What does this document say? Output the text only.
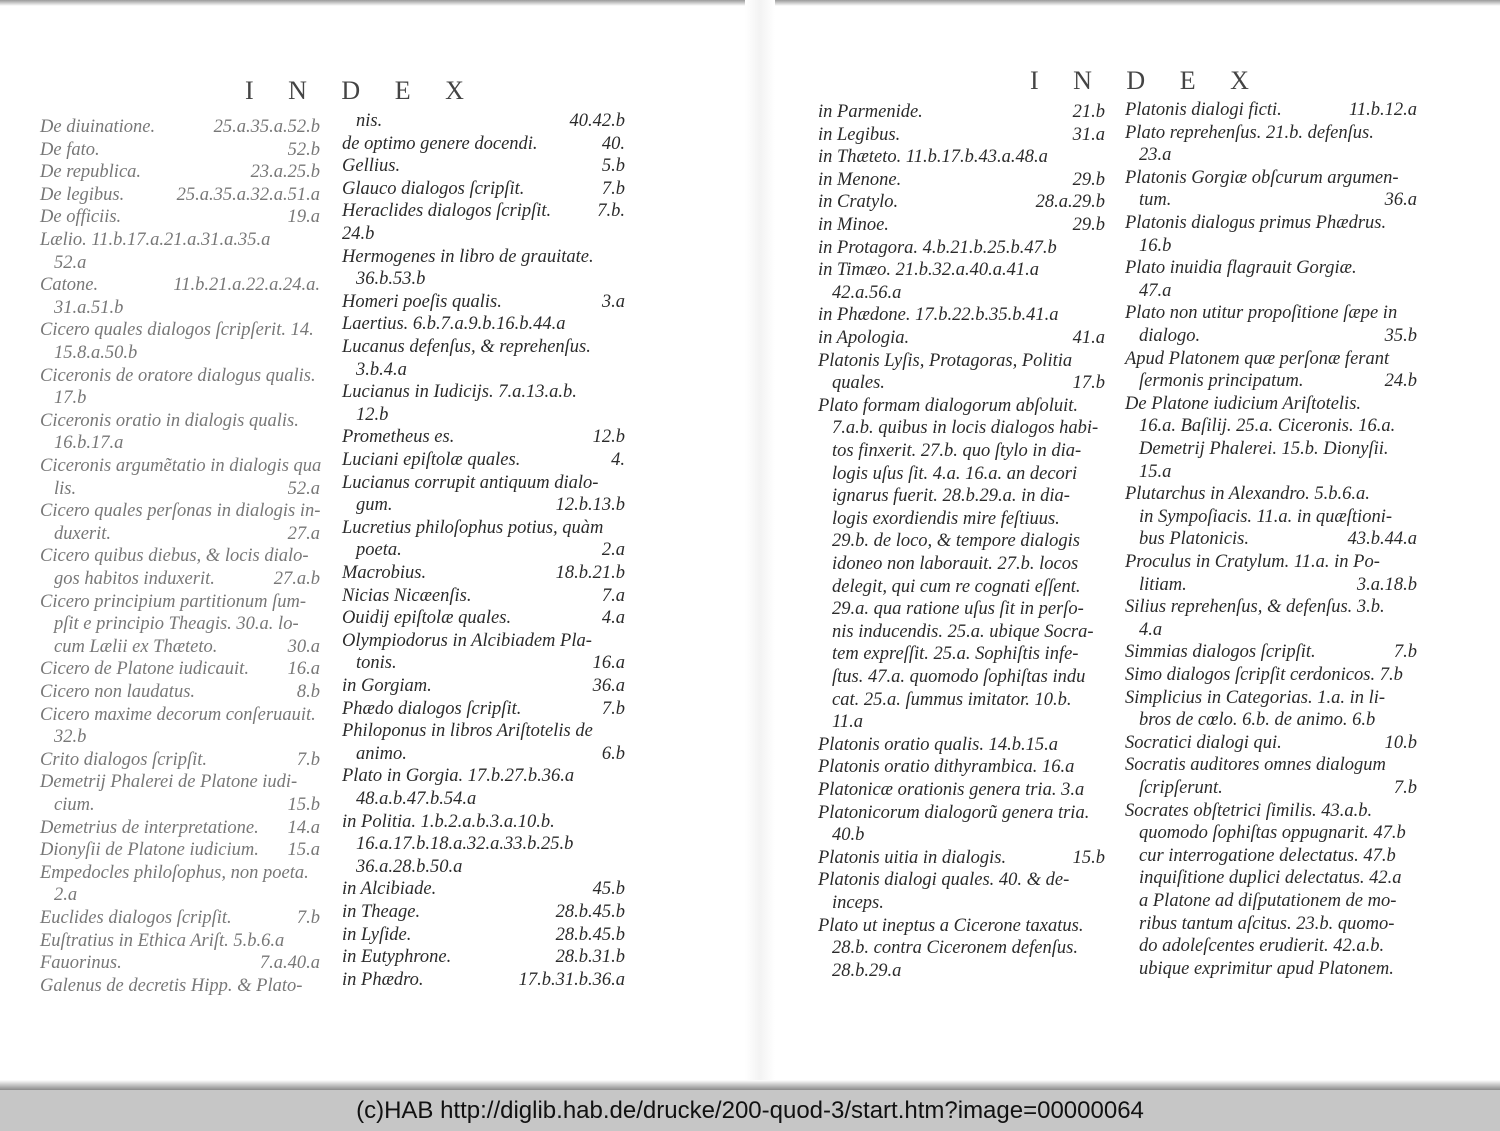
I N D E X	I N D E X
De diuinatione.	25.a.35.a.52.b
De fato.	52.b
De republica.	23.a.25.b
De legibus.	25.a.35.a.32.a.51.a
De officiis.	19.a
Lælio. 11.b.17.a.21.a.31.a.35.a
52.a
Catone.	11.b.21.a.22.a.24.a.
31.a.51.b
Cicero quales dialogos ſcripſerit. 14.
15.8.a.50.b
Ciceronis de oratore dialogus qualis.
17.b
Ciceronis oratio in dialogis qualis.
16.b.17.a
Ciceronis argumẽtatio in dialogis qua
lis.	52.a
Cicero quales perſonas in dialogis in-
duxerit.	27.a
Cicero quibus diebus, & locis dialo-
gos habitos induxerit.	27.a.b
Cicero principium partitionum ſum-
pſit e principio Theagis. 30.a. lo-
cum Lælii ex Thæteto.	30.a
Cicero de Platone iudicauit. 16.a
Cicero non laudatus.	8.b
Cicero maxime decorum conſeruauit.
32.b
Crito dialogos ſcripſit.	7.b
Demetrij Phalerei de Platone iudi-
cium.	15.b
Demetrius de interpretatione. 14.a
Dionyſii de Platone iudicium. 15.a
Empedocles philoſophus, non poeta.
2.a
Euclides dialogos ſcripſit.	7.b
Euſtratius in Ethica Ariſt. 5.b.6.a
Fauorinus.	7.a.40.a
Galenus de decretis Hipp. & Plato-
nis.	40.42.b
de optimo genere docendi.	40.
Gellius.	5.b
Glauco dialogos ſcripſit.	7.b
Heraclides dialogos ſcripſit. 7.b.
24.b
Hermogenes in libro de grauitate.
36.b.53.b
Homeri poeſis qualis.	3.a
Laertius. 6.b.7.a.9.b.16.b.44.a
Lucanus defenſus, & reprehenſus.
3.b.4.a
Lucianus in Iudicijs. 7.a.13.a.b.
12.b
Prometheus es.	12.b
Luciani epiſtolæ quales.	4.
Lucianus corrupit antiquum dialo-
gum.	12.b.13.b
Lucretius philoſophus potius, quàm
poeta.	2.a
Macrobius.	18.b.21.b
Nicias Nicæenſis.	7.a
Ouidij epiſtolæ quales.	4.a
Olympiodorus in Alcibiadem Pla-
tonis.	16.a
in Gorgiam.	36.a
Phædo dialogos ſcripſit.	7.b
Philoponus in libros Ariſtotelis de
animo.	6.b
Plato in Gorgia. 17.b.27.b.36.a
48.a.b.47.b.54.a
in Politia. 1.b.2.a.b.3.a.10.b.
16.a.17.b.18.a.32.a.33.b.25.b
36.a.28.b.50.a
in Alcibiade.	45.b
in Theage.	28.b.45.b
in Lyſide.	28.b.45.b
in Eutyphrone.	28.b.31.b
in Phædro.	17.b.31.b.36.a
in Parmenide.	21.b
in Legibus.	31.a
in Thæteto. 11.b.17.b.43.a.48.a
in Menone.	29.b
in Cratylo.	28.a.29.b
in Minoe.	29.b
in Protagora. 4.b.21.b.25.b.47.b
in Timæo. 21.b.32.a.40.a.41.a
42.a.56.a
in Phædone. 17.b.22.b.35.b.41.a
in Apologia.	41.a
Platonis Lyſis, Protagoras, Politia
quales.	17.b
Plato formam dialogorum abſoluit.
7.a.b. quibus in locis dialogos habi-
tos finxerit. 27.b. quo ſtylo in dia-
logis uſus ſit. 4.a. 16.a. an decori
ignarus fuerit. 28.b.29.a. in dia-
logis exordiendis mire feſtiuus.
29.b. de loco, & tempore dialogis
idoneo non laborauit. 27.b. locos
delegit, qui cum re cognati eſſent.
29.a. qua ratione uſus ſit in perſo-
nis inducendis. 25.a. ubique Socra-
tem expreſſit. 25.a. Sophiſtis infe-
ſtus. 47.a. quomodo ſophiſtas indu
cat. 25.a. ſummus imitator. 10.b.
11.a
Platonis oratio qualis. 14.b.15.a
Platonis oratio dithyrambica. 16.a
Platonicæ orationis genera tria. 3.a
Platonicorum dialogorũ genera tria.
40.b
Platonis uitia in dialogis.	15.b
Platonis dialogi quales. 40. & de-
inceps.
Plato ut ineptus a Cicerone taxatus.
28.b. contra Ciceronem defenſus.
28.b.29.a
Platonis dialogi ficti.	11.b.12.a
Plato reprehenſus. 21.b. defenſus.
23.a
Platonis Gorgiæ obſcurum argumen-
tum.	36.a
Platonis dialogus primus Phædrus.
16.b
Plato inuidia flagrauit Gorgiæ.
47.a
Plato non utitur propoſitione ſæpe in
dialogo.	35.b
Apud Platonem quæ perſonæ ferant
ſermonis principatum.	24.b
De Platone iudicium Ariſtotelis.
16.a. Baſilij. 25.a. Ciceronis. 16.a.
Demetrij Phalerei. 15.b. Dionyſii.
15.a
Plutarchus in Alexandro. 5.b.6.a.
in Sympoſiacis. 11.a. in quæſtioni-
bus Platonicis.	43.b.44.a
Proculus in Cratylum. 11.a. in Po-
litiam.	3.a.18.b
Silius reprehenſus, & defenſus. 3.b.
4.a
Simmias dialogos ſcripſit.	7.b
Simo dialogos ſcripſit cerdonicos. 7.b
Simplicius in Categorias. 1.a. in li-
bros de cœlo. 6.b. de animo. 6.b
Socratici dialogi qui.	10.b
Socratis auditores omnes dialogum
ſcripſerunt.	7.b
Socrates obſtetrici ſimilis. 43.a.b.
quomodo ſophiſtas oppugnarit. 47.b
cur interrogatione delectatus. 47.b
inquiſitione duplici delectatus. 42.a
a Platone ad diſputationem de mo-
ribus tantum aſcitus. 23.b. quomo-
do adoleſcentes erudierit. 42.a.b.
ubique exprimitur apud Platonem.
(c)HAB http://diglib.hab.de/drucke/200-quod-3/start.htm?image=00000064
